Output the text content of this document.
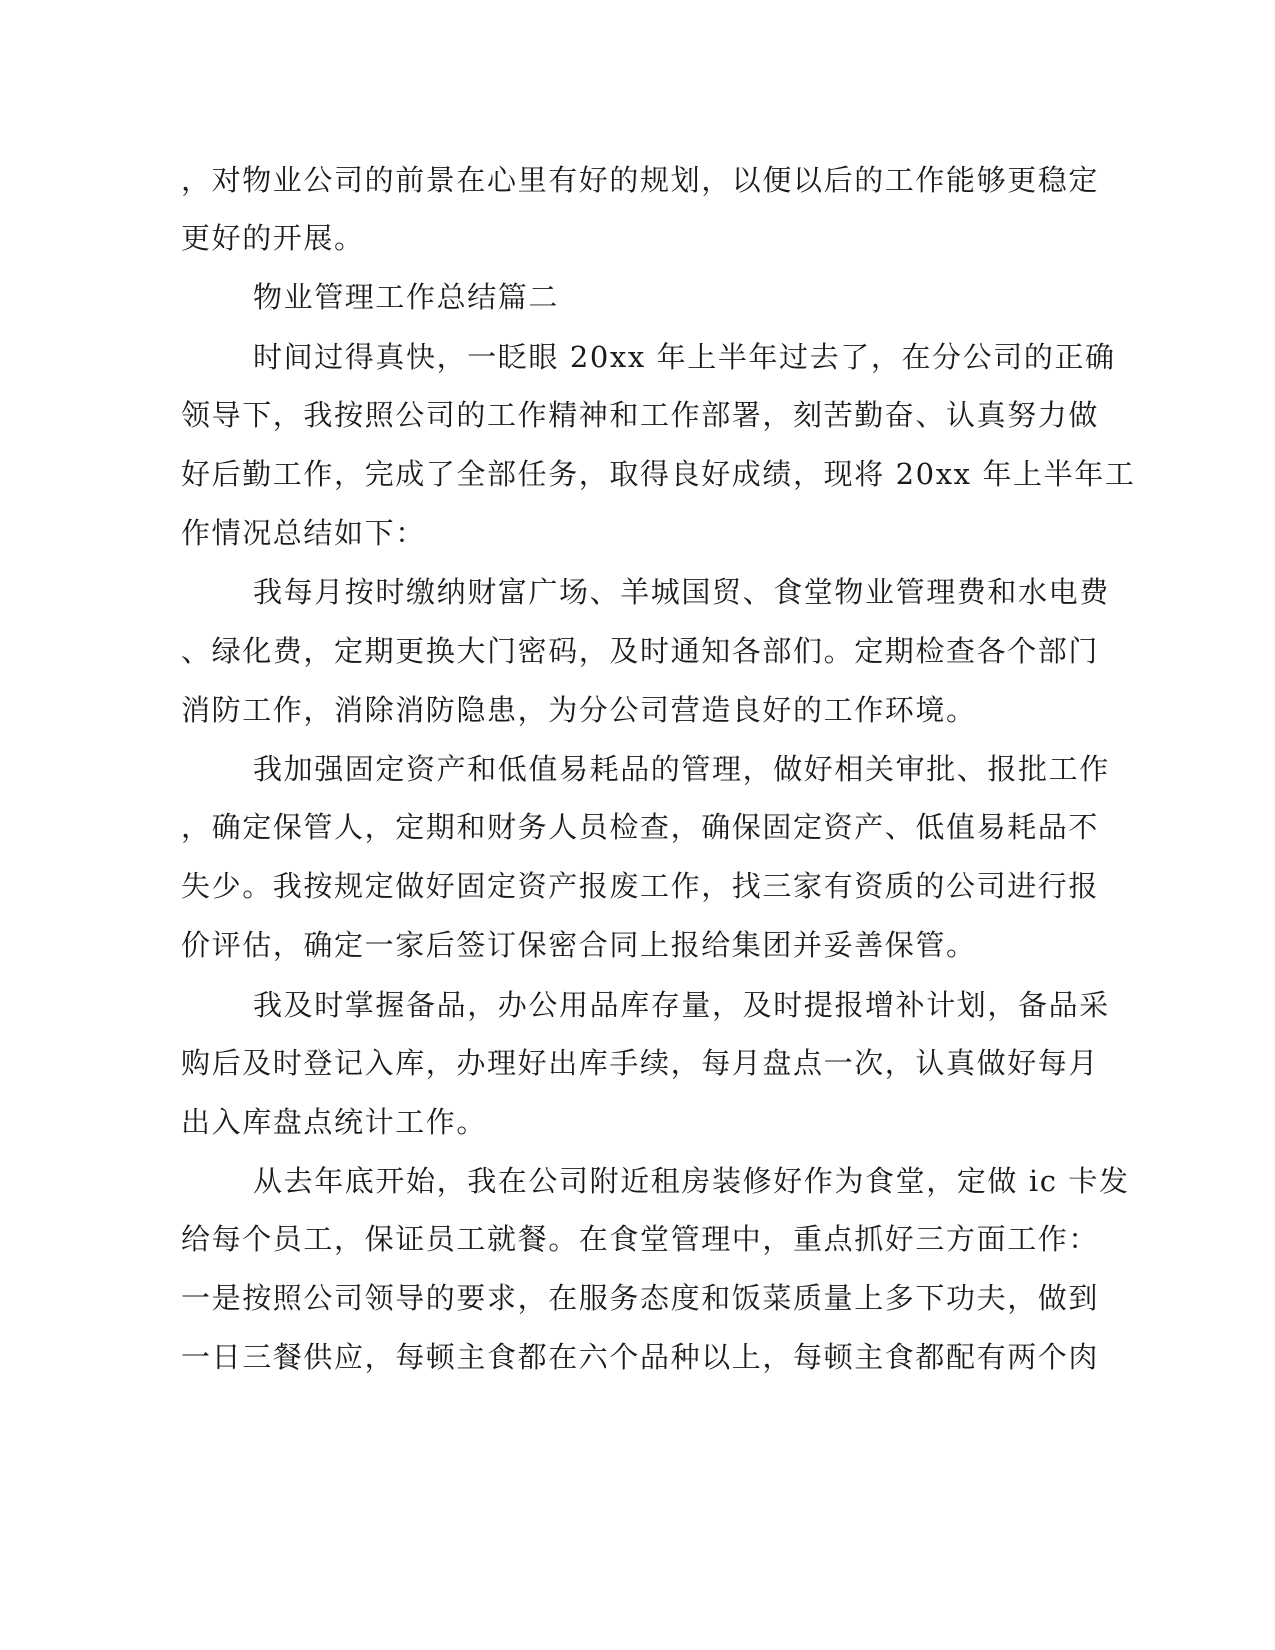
，对物业公司的前景在心里有好的规划，以便以后的工作能够更稳定
更好的开展。
物业管理工作总结篇二
时间过得真快，一眨眼 20xx 年上半年过去了，在分公司的正确
领导下，我按照公司的工作精神和工作部署，刻苦勤奋、认真努力做
好后勤工作，完成了全部任务，取得良好成绩，现将 20xx 年上半年工
作情况总结如下：
我每月按时缴纳财富广场、羊城国贸、食堂物业管理费和水电费
、绿化费，定期更换大门密码，及时通知各部们。定期检查各个部门
消防工作，消除消防隐患，为分公司营造良好的工作环境。
我加强固定资产和低值易耗品的管理，做好相关审批、报批工作
，确定保管人，定期和财务人员检查，确保固定资产、低值易耗品不
失少。我按规定做好固定资产报废工作，找三家有资质的公司进行报
价评估，确定一家后签订保密合同上报给集团并妥善保管。
我及时掌握备品，办公用品库存量，及时提报增补计划，备品采
购后及时登记入库，办理好出库手续，每月盘点一次，认真做好每月
出入库盘点统计工作。
从去年底开始，我在公司附近租房装修好作为食堂，定做 ic 卡发
给每个员工，保证员工就餐。在食堂管理中，重点抓好三方面工作：
一是按照公司领导的要求，在服务态度和饭菜质量上多下功夫，做到
一日三餐供应，每顿主食都在六个品种以上，每顿主食都配有两个肉
